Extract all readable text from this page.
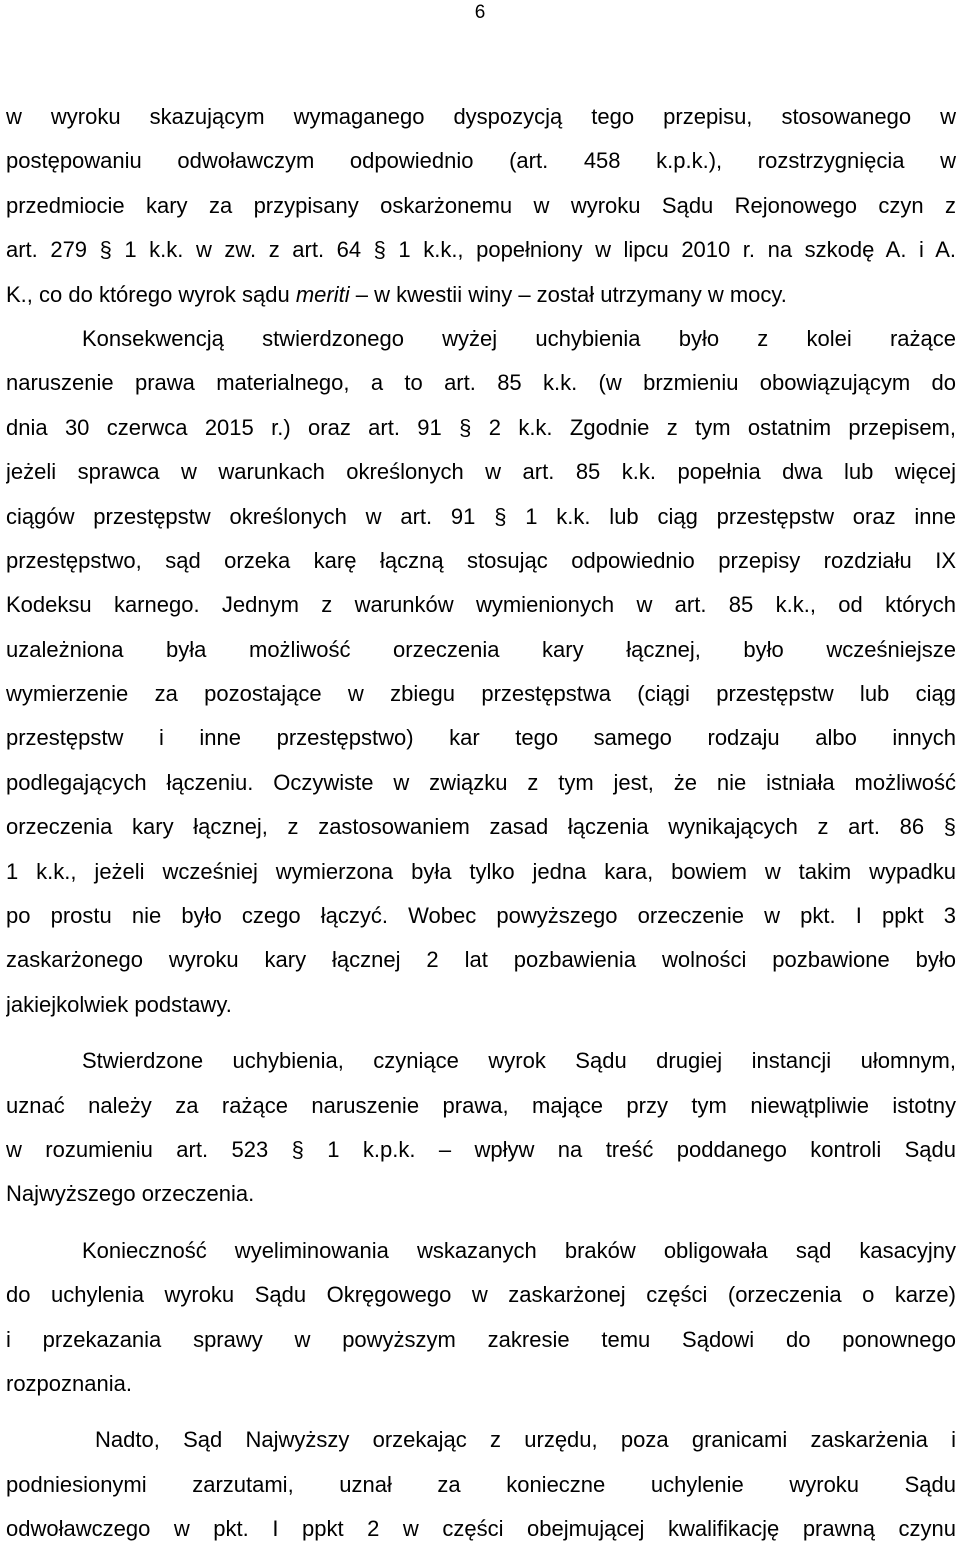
6
w wyroku skazującym wymaganego dyspozycją tego przepisu, stosowanego w
postępowaniu odwoławczym odpowiednio (art. 458 k.p.k.), rozstrzygnięcia w
przedmiocie kary za przypisany oskarżonemu w wyroku Sądu Rejonowego czyn z
art. 279 § 1 k.k. w zw. z art. 64 § 1 k.k., popełniony w lipcu 2010 r. na szkodę A. i A.
K., co do którego wyrok sądu meriti – w kwestii winy – został utrzymany w mocy.
Konsekwencją stwierdzonego wyżej uchybienia było z kolei rażące
naruszenie prawa materialnego, a to art. 85 k.k. (w brzmieniu obowiązującym do
dnia 30 czerwca 2015 r.) oraz art. 91 § 2 k.k. Zgodnie z tym ostatnim przepisem,
jeżeli sprawca w warunkach określonych w art. 85 k.k. popełnia dwa lub więcej
ciągów przestępstw określonych w art. 91 § 1 k.k. lub ciąg przestępstw oraz inne
przestępstwo, sąd orzeka karę łączną stosując odpowiednio przepisy rozdziału IX
Kodeksu karnego. Jednym z warunków wymienionych w art. 85 k.k., od których
uzależniona była możliwość orzeczenia kary łącznej, było wcześniejsze
wymierzenie za pozostające w zbiegu przestępstwa (ciągi przestępstw lub ciąg
przestępstw i inne przestępstwo) kar tego samego rodzaju albo innych
podlegających łączeniu. Oczywiste w związku z tym jest, że nie istniała możliwość
orzeczenia kary łącznej, z zastosowaniem zasad łączenia wynikających z art. 86 §
1 k.k., jeżeli wcześniej wymierzona była tylko jedna kara, bowiem w takim wypadku
po prostu nie było czego łączyć. Wobec powyższego orzeczenie w pkt. I ppkt 3
zaskarżonego wyroku kary łącznej 2 lat pozbawienia wolności pozbawione było
jakiejkolwiek podstawy.
Stwierdzone uchybienia, czyniące wyrok Sądu drugiej instancji ułomnym,
uznać należy za rażące naruszenie prawa, mające przy tym niewątpliwie istotny
w rozumieniu art. 523 § 1 k.p.k. – wpływ na treść poddanego kontroli Sądu
Najwyższego orzeczenia.
Konieczność wyeliminowania wskazanych braków obligowała sąd kasacyjny
do uchylenia wyroku Sądu Okręgowego w zaskarżonej części (orzeczenia o karze)
i przekazania sprawy w powyższym zakresie temu Sądowi do ponownego
rozpoznania.
Nadto, Sąd Najwyższy orzekając z urzędu, poza granicami zaskarżenia i
podniesionymi zarzutami, uznał za konieczne uchylenie wyroku Sądu
odwoławczego w pkt. I ppkt 2 w części obejmującej kwalifikację prawną czynu
